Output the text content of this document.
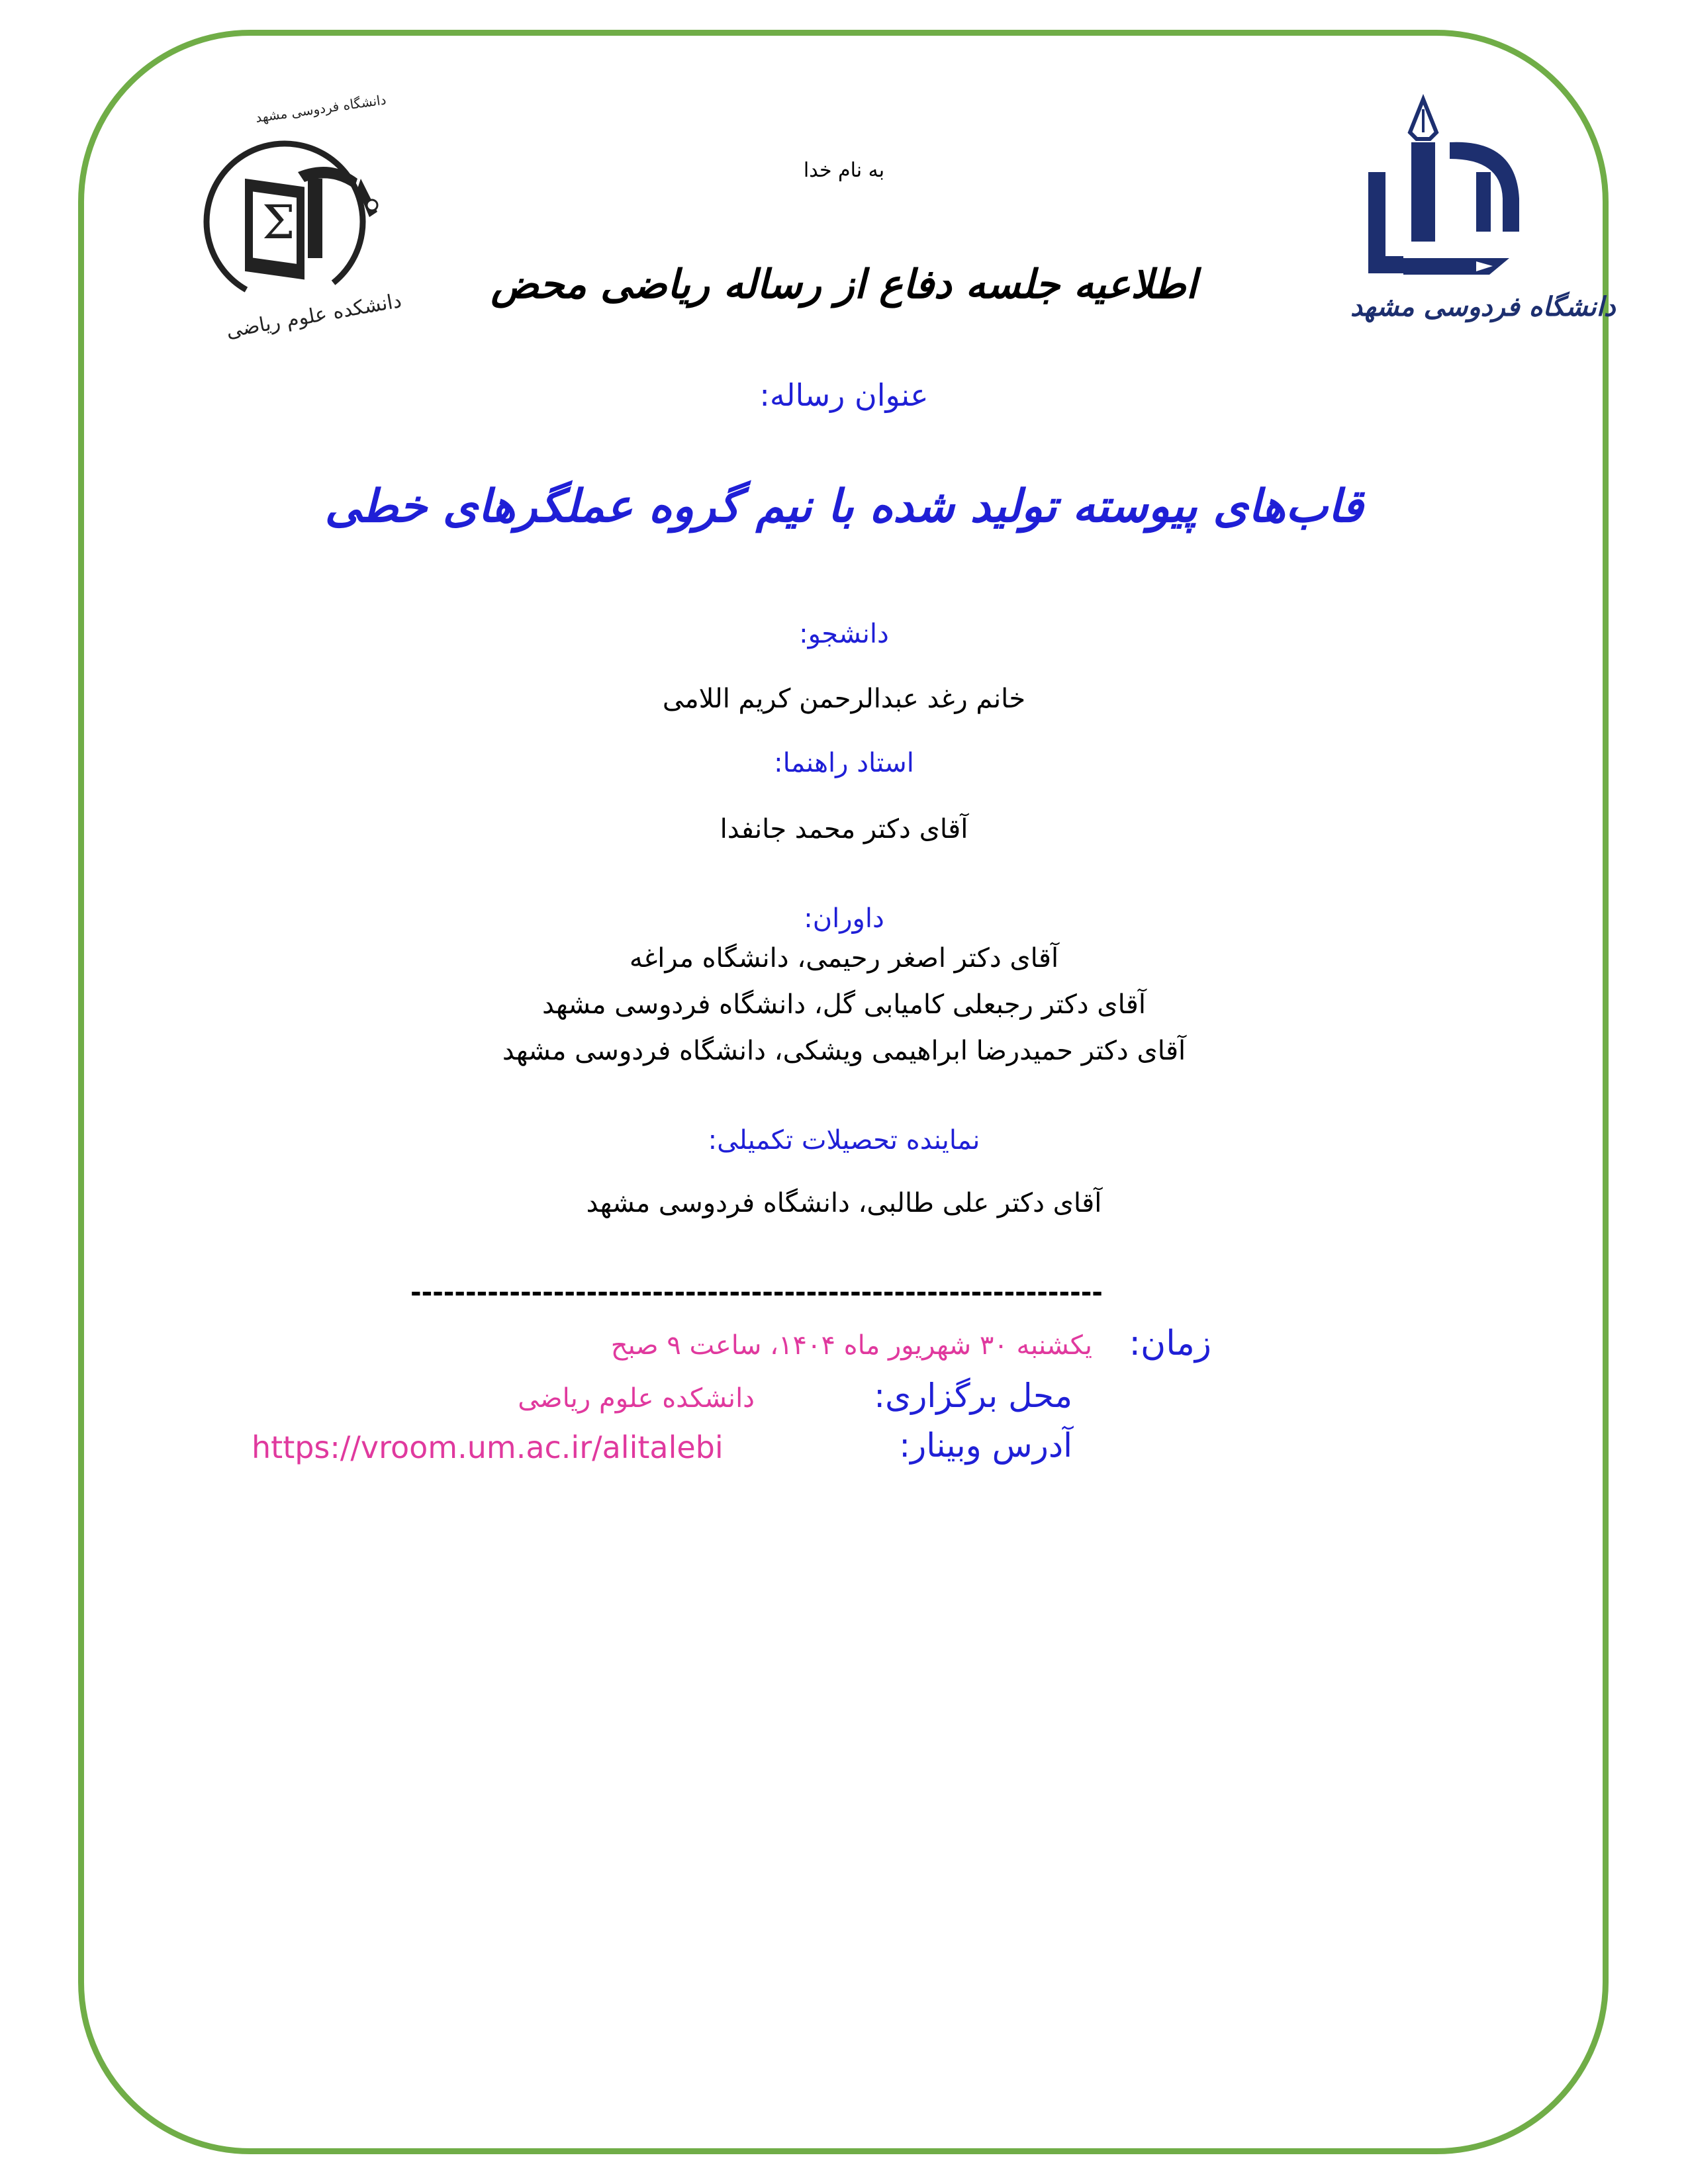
Σ
دانشگاه فردوسی مشهد
دانشکده علوم ریاضی	دانشگاه فردوسی مشهد
به نام خدا
اطلاعیه جلسه دفاع از رساله ریاضی محض
عنوان رساله:
قاب‌های پیوسته تولید شده با نیم گروه عملگرهای خطی
دانشجو:
خانم رغد عبدالرحمن کریم اللامی
استاد راهنما:
آقای دکتر محمد جانفدا
داوران:
آقای دکتر اصغر رحیمی، دانشگاه مراغه
آقای دکتر رجبعلی کامیابی گل، دانشگاه فردوسی مشهد
آقای دکتر حمیدرضا ابراهیمی ویشکی، دانشگاه فردوسی مشهد
نماینده تحصیلات تکمیلی:
آقای دکتر علی طالبی، دانشگاه فردوسی مشهد
---------------------------------------------------------------
زمان:
یکشنبه ۳۰ شهریور ماه ۱۴۰۴، ساعت ۹ صبح
محل برگزاری:
دانشکده علوم ریاضی
آدرس وبینار:
https://vroom.um.ac.ir/alitalebi
